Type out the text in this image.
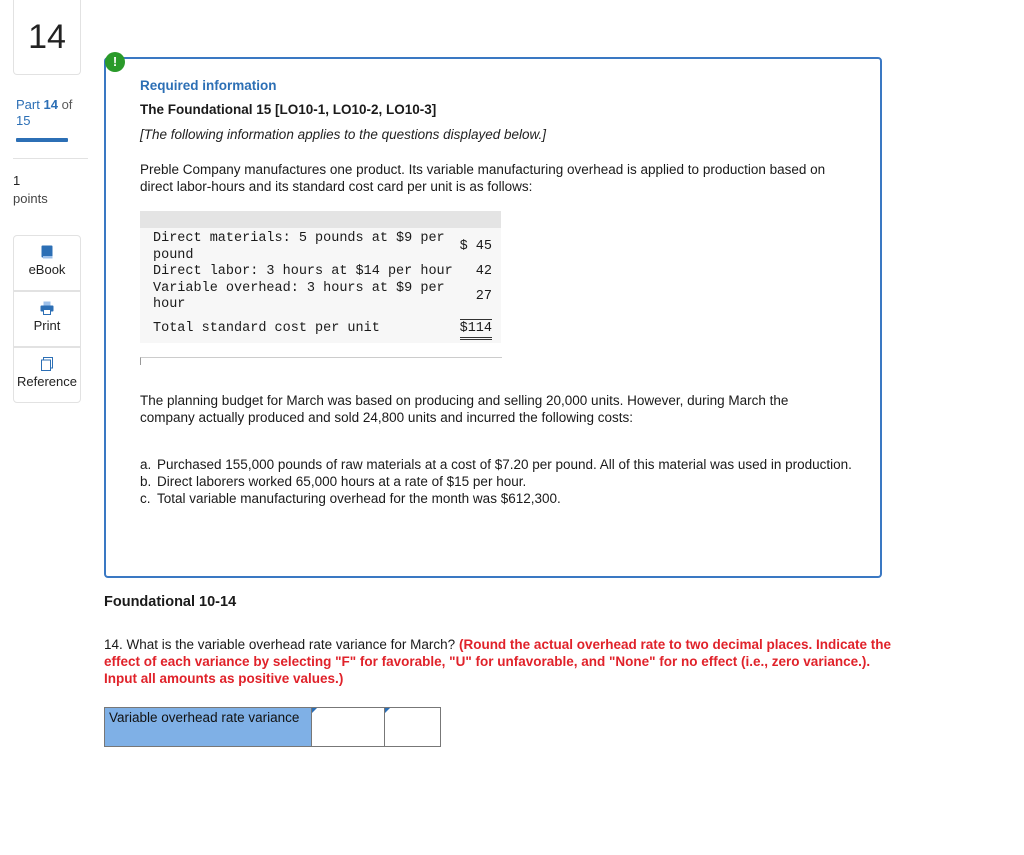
14
Part 14 of
15
1
points
eBook
Print
Reference
!
Required information
The Foundational 15 [LO10-1, LO10-2, LO10-3]
[The following information applies to the questions displayed below.]
Preble Company manufactures one product. Its variable manufacturing overhead is applied to production based on direct labor-hours and its standard cost card per unit is as follows:
Direct materials: 5 pounds at $9 per pound	$ 45
Direct labor: 3 hours at $14 per hour	42
Variable overhead: 3 hours at $9 per hour	27
Total standard cost per unit	$114
The planning budget for March was based on producing and selling 20,000 units. However, during March the company actually produced and sold 24,800 units and incurred the following costs:
a. Purchased 155,000 pounds of raw materials at a cost of $7.20 per pound. All of this material was used in production.
b. Direct laborers worked 65,000 hours at a rate of $15 per hour.
c. Total variable manufacturing overhead for the month was $612,300.
Foundational 10-14
14. What is the variable overhead rate variance for March? (Round the actual overhead rate to two decimal places. Indicate the effect of each variance by selecting "F" for favorable, "U" for unfavorable, and "None" for no effect (i.e., zero variance.). Input all amounts as positive values.)
Variable overhead rate variance	
